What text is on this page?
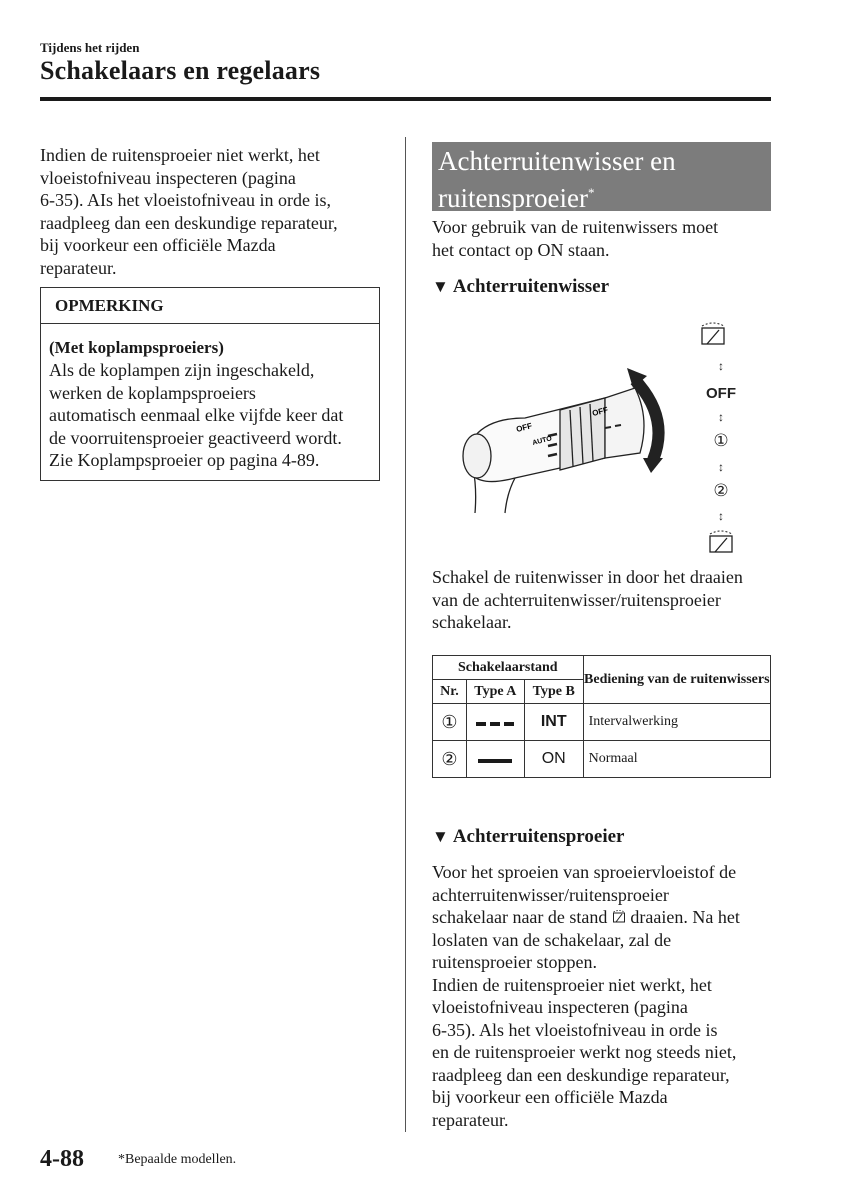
Tijdens het rijden
Schakelaars en regelaars
Indien de ruitensproeier niet werkt, het
vloeistofniveau inspecteren (pagina
6-35). AIs het vloeistofniveau in orde is,
raadpleeg dan een deskundige reparateur,
bij voorkeur een officiële Mazda
reparateur.
OPMERKING
(Met koplampsproeiers)
Als de koplampen zijn ingeschakeld,
werken de koplampsproeiers
automatisch eenmaal elke vijfde keer dat
de voorruitensproeier geactiveerd wordt.
Zie Koplampsproeier op pagina 4-89.
Achterruitenwisser en
ruitensproeier*
Voor gebruik van de ruitenwissers moet
het contact op ON staan.
▼ Achterruitenwisser
OFF
AUTO
OFF
↕
OFF
↕
①
↕
②
↕
Schakel de ruitenwisser in door het draaien
van de achterruitenwisser/ruitensproeier
schakelaar.
Schakelaarstand			Bediening van de ruitenwissers
Nr.	Type A	Type B	
①		INT	Intervalwerking
②		ON	Normaal
▼ Achterruitensproeier
Voor het sproeien van sproeiervloeistof de
achterruitenwisser/ruitensproeier
schakelaar naar de stand  draaien. Na het
loslaten van de schakelaar, zal de
ruitensproeier stoppen.
Indien de ruitensproeier niet werkt, het
vloeistofniveau inspecteren (pagina
6-35). Als het vloeistofniveau in orde is
en de ruitensproeier werkt nog steeds niet,
raadpleeg dan een deskundige reparateur,
bij voorkeur een officiële Mazda
reparateur.
4-88 *Bepaalde modellen.
